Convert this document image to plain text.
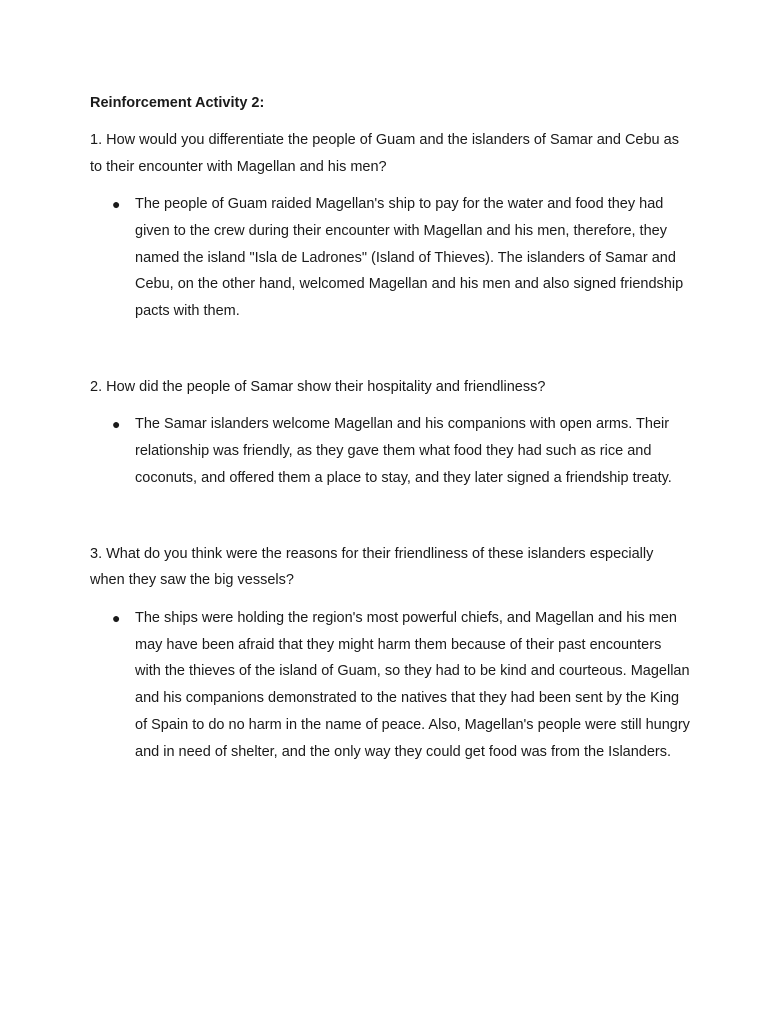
Reinforcement Activity 2:

1. How would you differentiate the people of Guam and the islanders of Samar and Cebu as to their encounter with Magellan and his men?

● The people of Guam raided Magellan's ship to pay for the water and food they had given to the crew during their encounter with Magellan and his men, therefore, they named the island "Isla de Ladrones" (Island of Thieves). The islanders of Samar and Cebu, on the other hand, welcomed Magellan and his men and also signed friendship pacts with them.

2. How did the people of Samar show their hospitality and friendliness?

● The Samar islanders welcome Magellan and his companions with open arms. Their relationship was friendly, as they gave them what food they had such as rice and coconuts, and offered them a place to stay, and they later signed a friendship treaty.

3. What do you think were the reasons for their friendliness of these islanders especially when they saw the big vessels?

● The ships were holding the region's most powerful chiefs, and Magellan and his men may have been afraid that they might harm them because of their past encounters with the thieves of the island of Guam, so they had to be kind and courteous. Magellan and his companions demonstrated to the natives that they had been sent by the King of Spain to do no harm in the name of peace. Also, Magellan's people were still hungry and in need of shelter, and the only way they could get food was from the Islanders.
